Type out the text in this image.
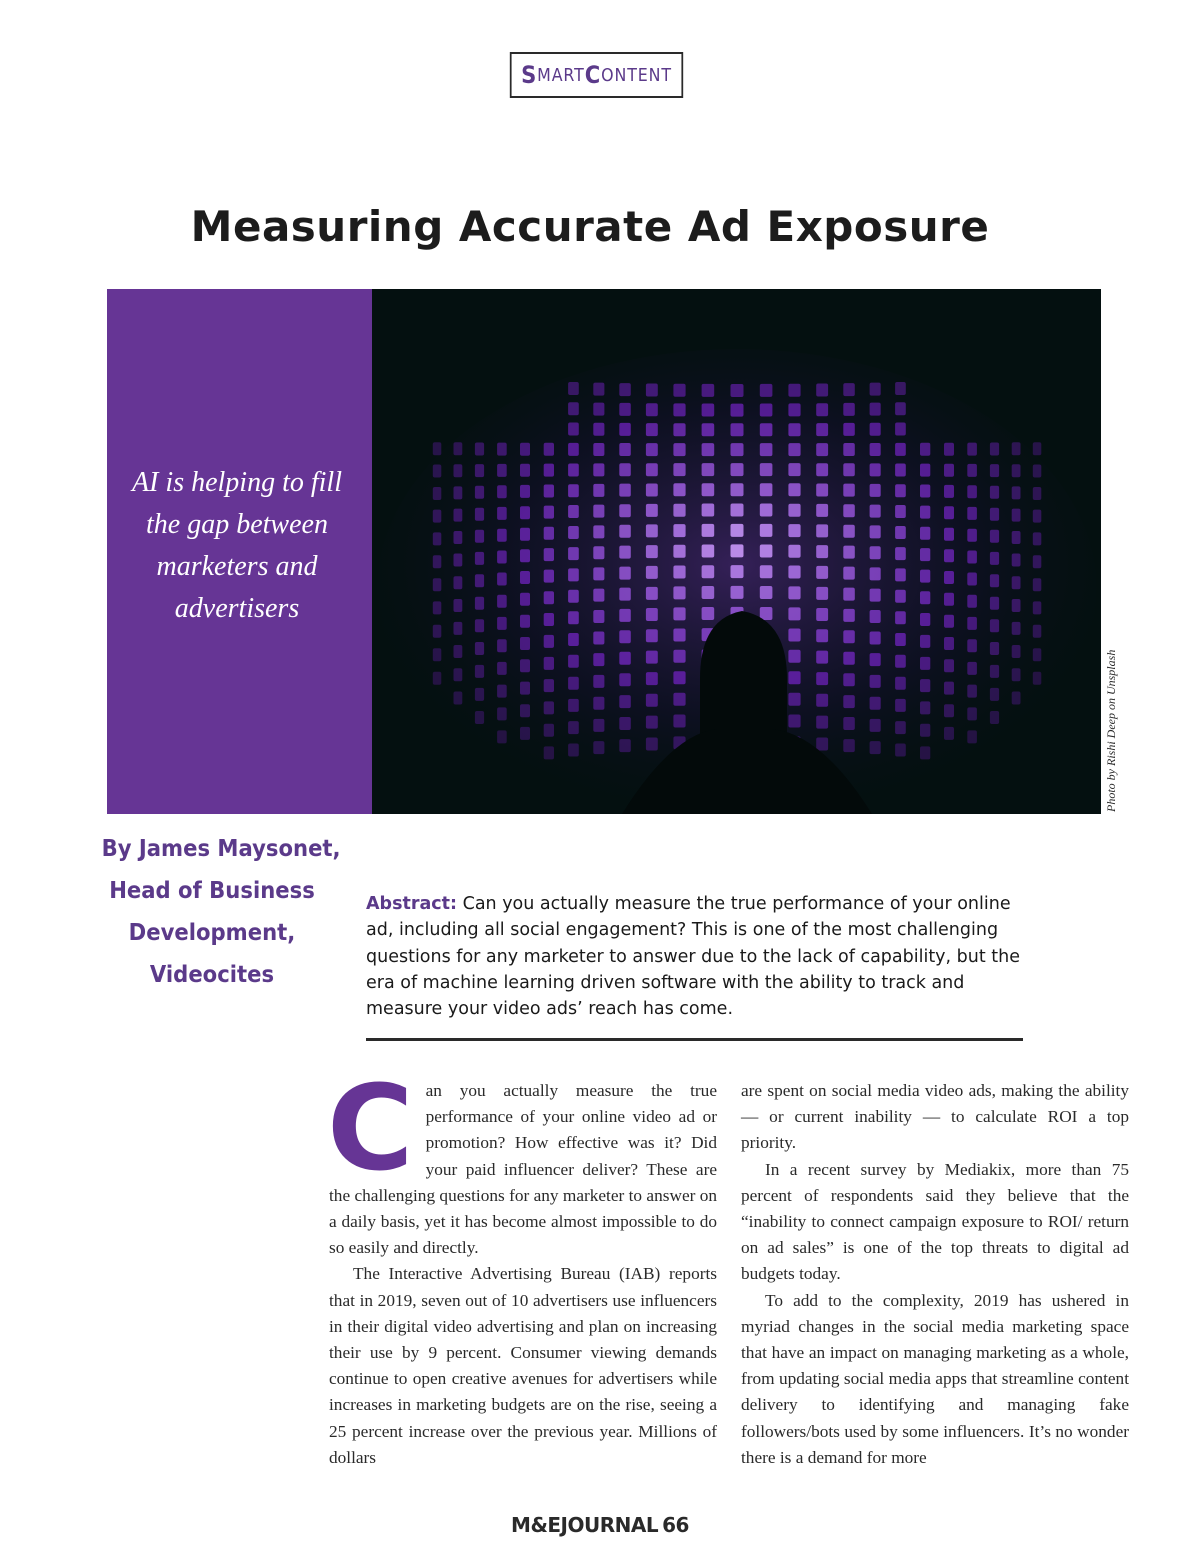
S MART C ONTENT
Measuring Accurate Ad Exposure
AI is helping to fill the gap between marketers and advertisers
Photo by Rishi Deep on Unsplash
By James Maysonet,
Head of Business
Development,
Videocites
Abstract: Can you actually measure the true performance of your online ad, including all social engagement? This is one of the most challenging questions for any marketer to answer due to the lack of capability, but the era of machine learning driven software with the ability to track and measure your video ads’ reach has come.

Can you actually measure the true performance of your online video ad or promotion? How effective was it? Did your paid influencer deliver? These are the challenging questions for any marketer to answer on a daily basis, yet it has become almost impossible to do so easily and directly.

The Interactive Advertising Bureau (IAB) reports that in 2019, seven out of 10 advertisers use influencers in their digital video advertising and plan on increasing their use by 9 percent. Consumer viewing demands continue to open creative avenues for advertisers while increases in marketing budgets are on the rise, seeing a 25 percent increase over the previous year. Millions of dollars

are spent on social media video ads, making the ability — or current inability — to calculate ROI a top priority.

In a recent survey by Mediakix, more than 75 percent of respondents said they believe that the “inability to connect campaign exposure to ROI/ return on ad sales” is one of the top threats to digital ad budgets today.

To add to the complexity, 2019 has ushered in myriad changes in the social media marketing space that have an impact on managing marketing as a whole, from updating social media apps that streamline content delivery to identifying and managing fake followers/bots used by some influencers. It’s no wonder there is a demand for more

M&EJOURNAL 66
